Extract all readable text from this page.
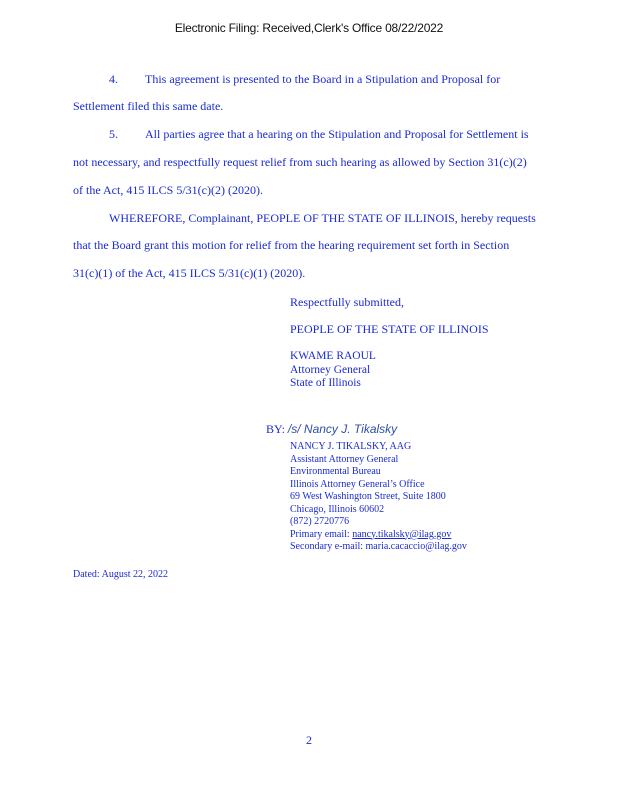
Electronic Filing: Received,Clerk's Office 08/22/2022
4. This agreement is presented to the Board in a Stipulation and Proposal for
Settlement filed this same date.
5. All parties agree that a hearing on the Stipulation and Proposal for Settlement is
not necessary, and respectfully request relief from such hearing as allowed by Section 31(c)(2)
of the Act, 415 ILCS 5/31(c)(2) (2020).
WHEREFORE, Complainant, PEOPLE OF THE STATE OF ILLINOIS, hereby requests
that the Board grant this motion for relief from the hearing requirement set forth in Section
31(c)(1) of the Act, 415 ILCS 5/31(c)(1) (2020).
Respectfully submitted,
PEOPLE OF THE STATE OF ILLINOIS
KWAME RAOUL
Attorney General
State of Illinois
BY: /s/ Nancy J. Tikalsky
NANCY J. TIKALSKY, AAG
Assistant Attorney General
Environmental Bureau
Illinois Attorney General’s Office
69 West Washington Street, Suite 1800
Chicago, Illinois 60602
(872) 2720776
Primary email: nancy.tikalsky@ilag.gov
Secondary e-mail: maria.cacaccio@ilag.gov
Dated: August 22, 2022
2
